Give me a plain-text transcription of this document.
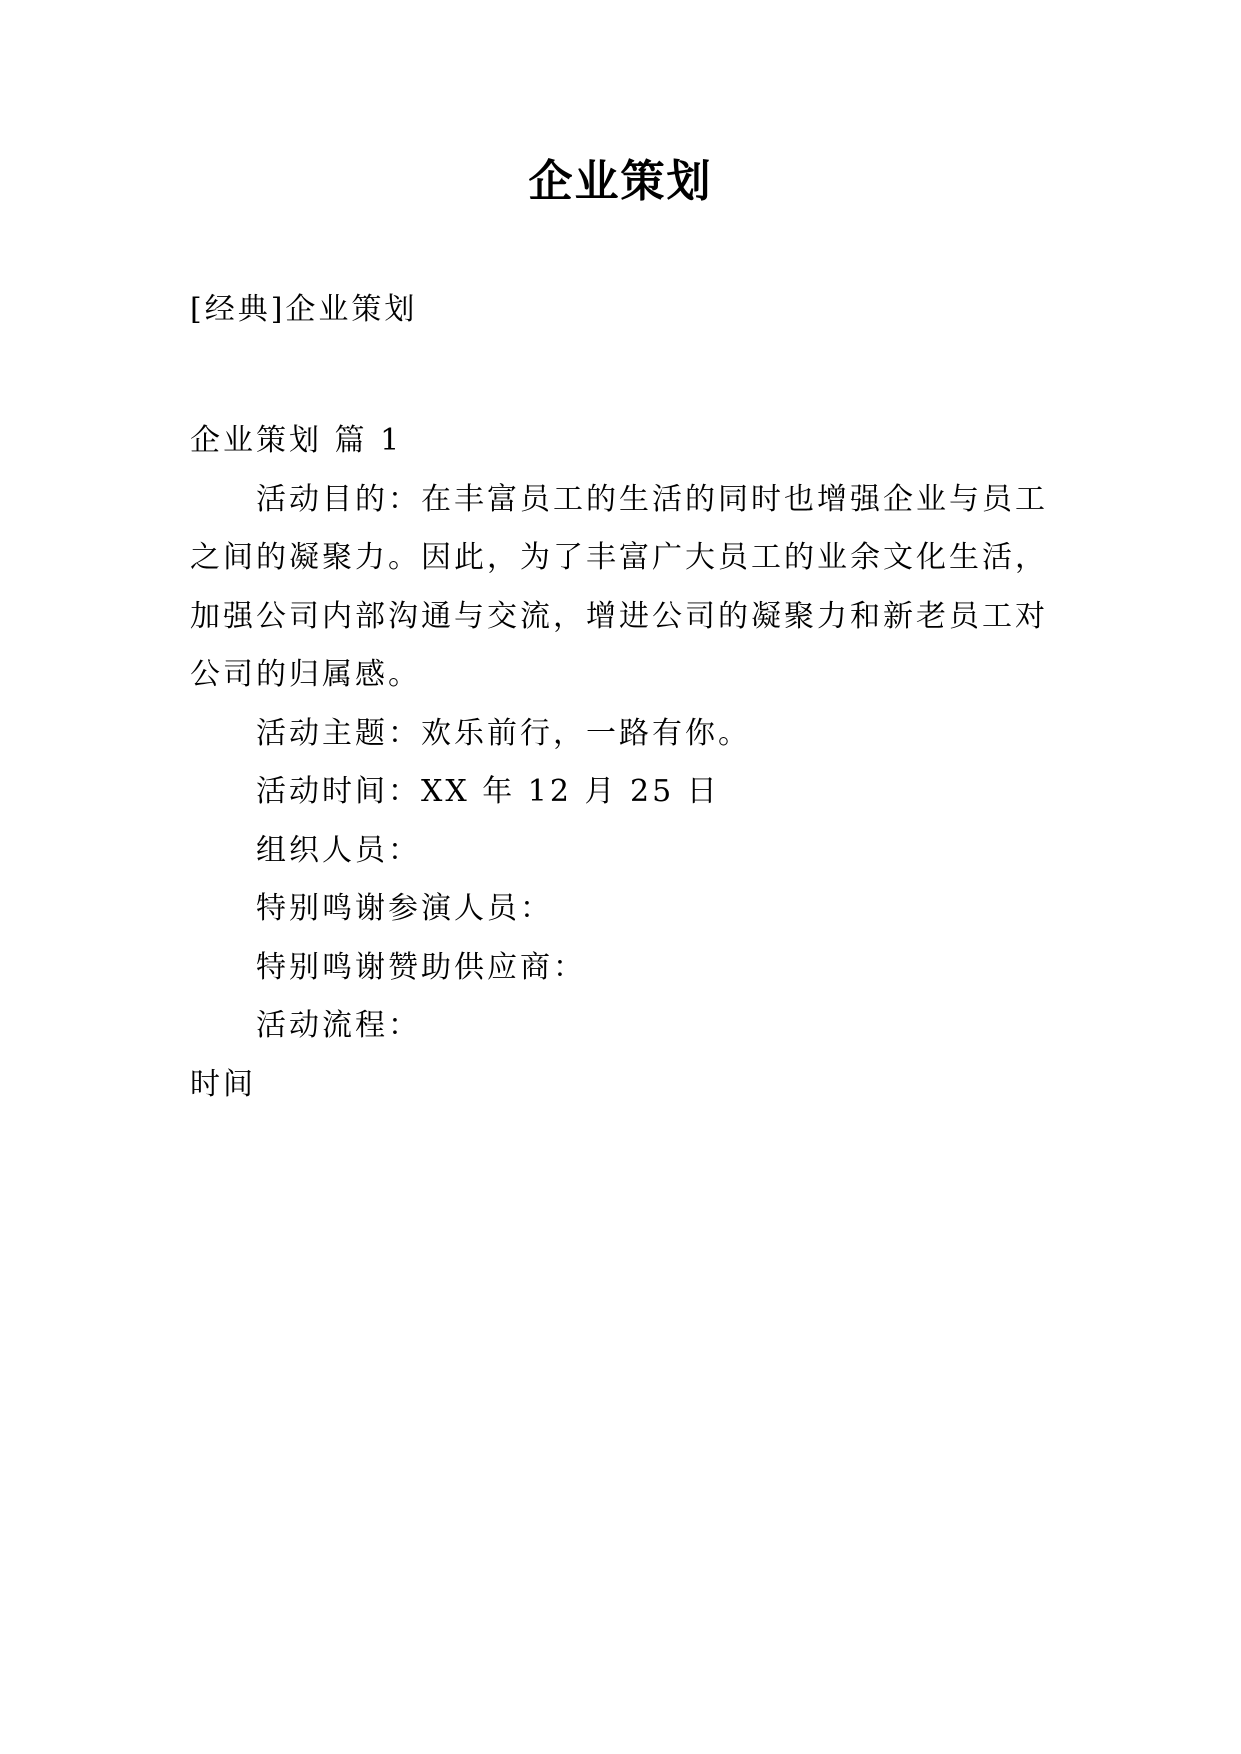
企业策划
[经典]企业策划
企业策划 篇 1
活动目的：在丰富员工的生活的同时也增强企业与员工
之间的凝聚力。因此，为了丰富广大员工的业余文化生活，
加强公司内部沟通与交流，增进公司的凝聚力和新老员工对
公司的归属感。
活动主题：欢乐前行，一路有你。
活动时间：XX 年 12 月 25 日
组织人员：
特别鸣谢参演人员：
特别鸣谢赞助供应商：
活动流程：
时间
